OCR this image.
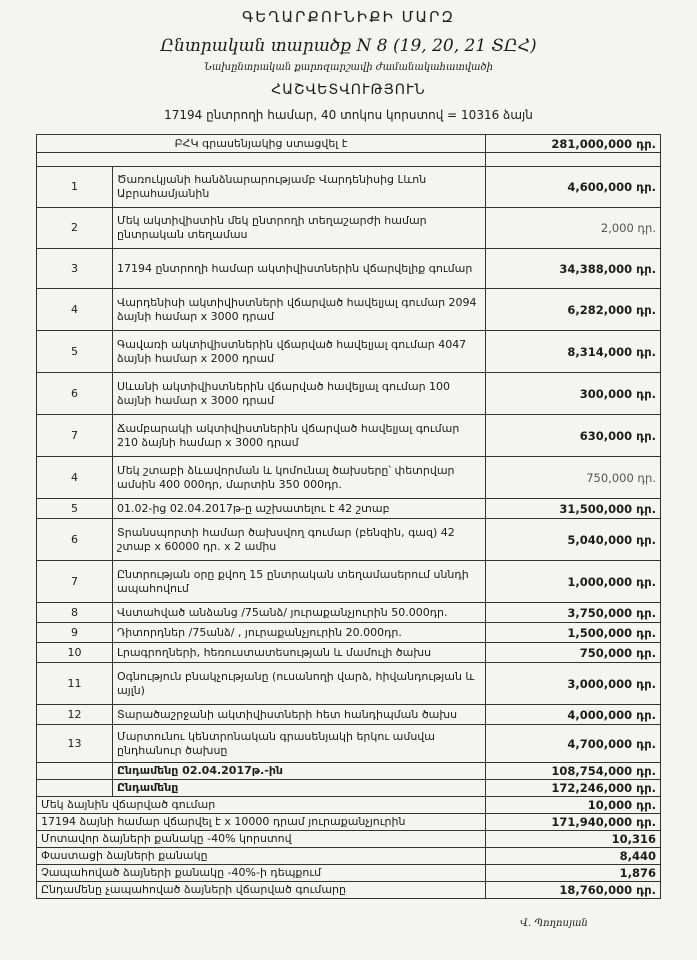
ԳԵՂԱՐՔՈՒՆԻՔԻ ՄԱՐԶ
Ընտրական տարածք N 8 (19, 20, 21 ՏԸՀ)
Նախընտրական քարոզարշավի ժամանակահատվածի
ՀԱՇՎԵՏՎՈՒԹՅՈՒՆ
17194 ընտրողի համար, 40 տոկոս կորստով = 10316 ձայն
ԲՀԿ գրասենյակից ստացվել է		281,000,000 դր.

1	Ծառուկյանի հանձնարարությամբ Վարդենիսից Լևոն Աբրահամյանին	4,600,000 դր.
2	Մեկ ակտիվիստին մեկ ընտրողի տեղաշարժի համար ընտրական տեղամաս	2,000 դր.
3	17194 ընտրողի համար ակտիվիստներին վճարվելիք գումար	34,388,000 դր.
4	Վարդենիսի ակտիվիստների վճարված հավելյալ գումար 2094 ձայնի համար x 3000 դրամ	6,282,000 դր.
5	Գավառի ակտիվիստներին վճարված հավելյալ գումար 4047 ձայնի համար x 2000 դրամ	8,314,000 դր.
6	Սևանի ակտիվիստներին վճարված հավելյալ գումար 100 ձայնի համար x 3000 դրամ	300,000 դր.
7	Ճամբարակի ակտիվիստներին վճարված հավելյալ գումար 210 ձայնի համար x 3000 դրամ	630,000 դր.
4	Մեկ շտաբի ձևավորման և կոմունալ ծախսերը՝ փետրվար ամսին 400 000դր, մարտին 350 000դր.	750,000 դր.
5	01.02-ից 02.04.2017թ-ը աշխատելու է 42 շտաբ	31,500,000 դր.
6	Տրանսպորտի համար ծախսվող գումար (բենզին, գազ) 42 շտաբ x 60000 դր. x 2 ամիս	5,040,000 դր.
7	Ընտրության օրը քվող 15 ընտրական տեղամասերում սննդի ապահովում	1,000,000 դր.
8	Վստահված անձանց /75անձ/ յուրաքանչյուրին 50.000դր.	3,750,000 դր.
9	Դիտորդներ /75անձ/ , յուրաքանչյուրին 20.000դր.	1,500,000 դր.
10	Լրագրողների, հեռուստատեսության և մամուլի ծախս	750,000 դր.
11	Օգնություն բնակչությանը (ուսանողի վարձ, հիվանդության և այլն)	3,000,000 դր.
12	Տարածաշրջանի ակտիվիստների հետ հանդիպման ծախս	4,000,000 դր.
13	Մարտունու կենտրոնական գրասենյակի երկու ամսվա ընդհանուր ծախսը	4,700,000 դր.
	Ընդամենը 02.04.2017թ.-ին	108,754,000 դր.
	Ընդամենը	172,246,000 դր.
Մեկ ձայնին վճարված գումար		10,000 դր.
17194 ձայնի համար վճարվել է x 10000 դրամ յուրաքանչյուրին		171,940,000 դր.
Մոտավոր ձայների քանակը -40% կորստով		10,316
Փաստացի ձայների քանակը		8,440
Չապահոված ձայների քանակը -40%-ի դեպքում		1,876
Ընդամենը չապահոված ձայների վճարված գումարը		18,760,000 դր.
Վ. Պողոսյան
